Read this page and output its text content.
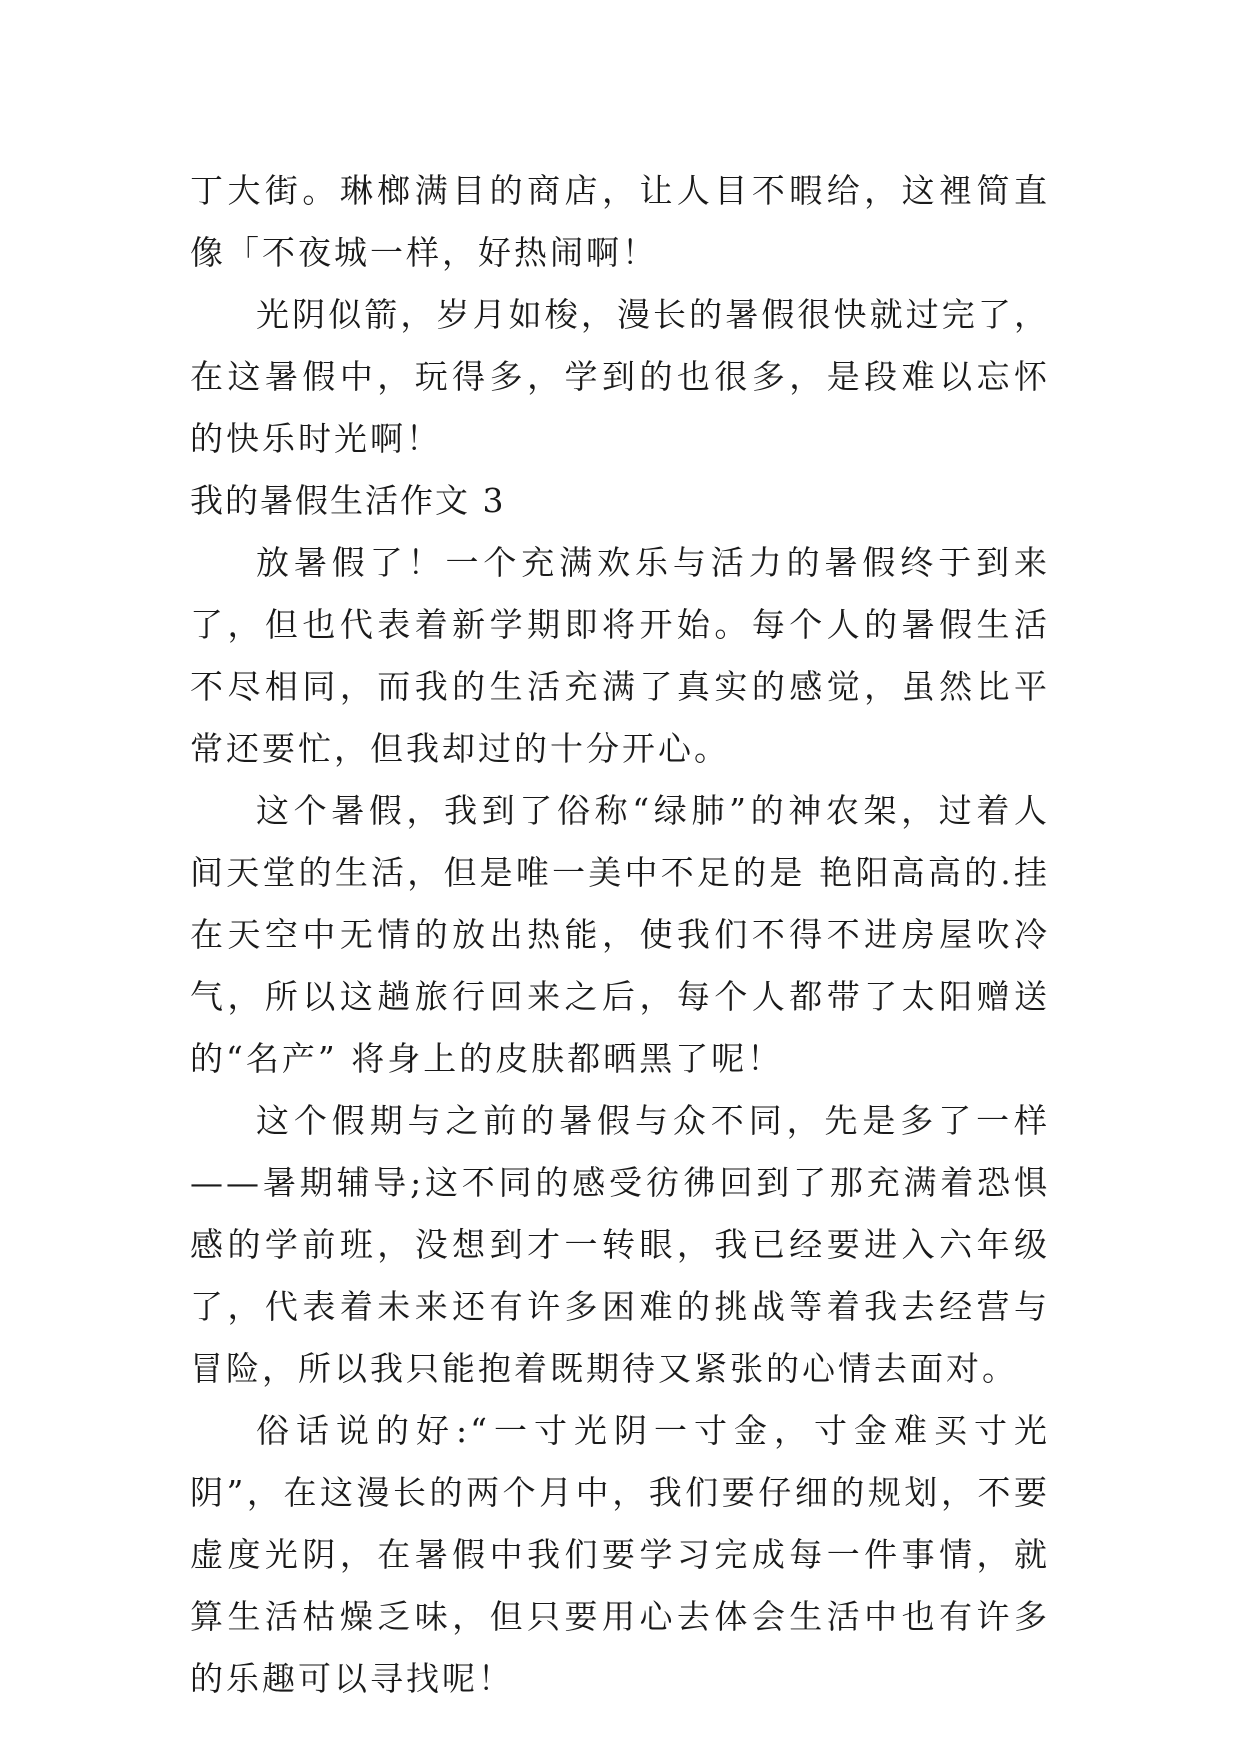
丁大街。琳榔满目的商店，让人目不暇给，这裡简直像「不夜城一样，好热闹啊！

光阴似箭，岁月如梭，漫长的暑假很快就过完了，在这暑假中，玩得多，学到的也很多，是段难以忘怀的快乐时光啊！

我的暑假生活作文 3

放暑假了！一个充满欢乐与活力的暑假终于到来了，但也代表着新学期即将开始。每个人的暑假生活不尽相同，而我的生活充满了真实的感觉，虽然比平常还要忙，但我却过的十分开心。

这个暑假，我到了俗称“绿肺”的神农架，过着人间天堂的生活，但是唯一美中不足的是 艳阳高高的.挂在天空中无情的放出热能，使我们不得不进房屋吹冷气，所以这趟旅行回来之后，每个人都带了太阳赠送的“名产” 将身上的皮肤都晒黑了呢！

这个假期与之前的暑假与众不同，先是多了一样——暑期辅导;这不同的感受彷彿回到了那充满着恐惧感的学前班，没想到才一转眼，我已经要进入六年级了，代表着未来还有许多困难的挑战等着我去经营与冒险，所以我只能抱着既期待又紧张的心情去面对。

俗话说的好:“一寸光阴一寸金，寸金难买寸光阴”，在这漫长的两个月中，我们要仔细的规划，不要虚度光阴，在暑假中我们要学习完成每一件事情，就算生活枯燥乏味，但只要用心去体会生活中也有许多的乐趣可以寻找呢！
